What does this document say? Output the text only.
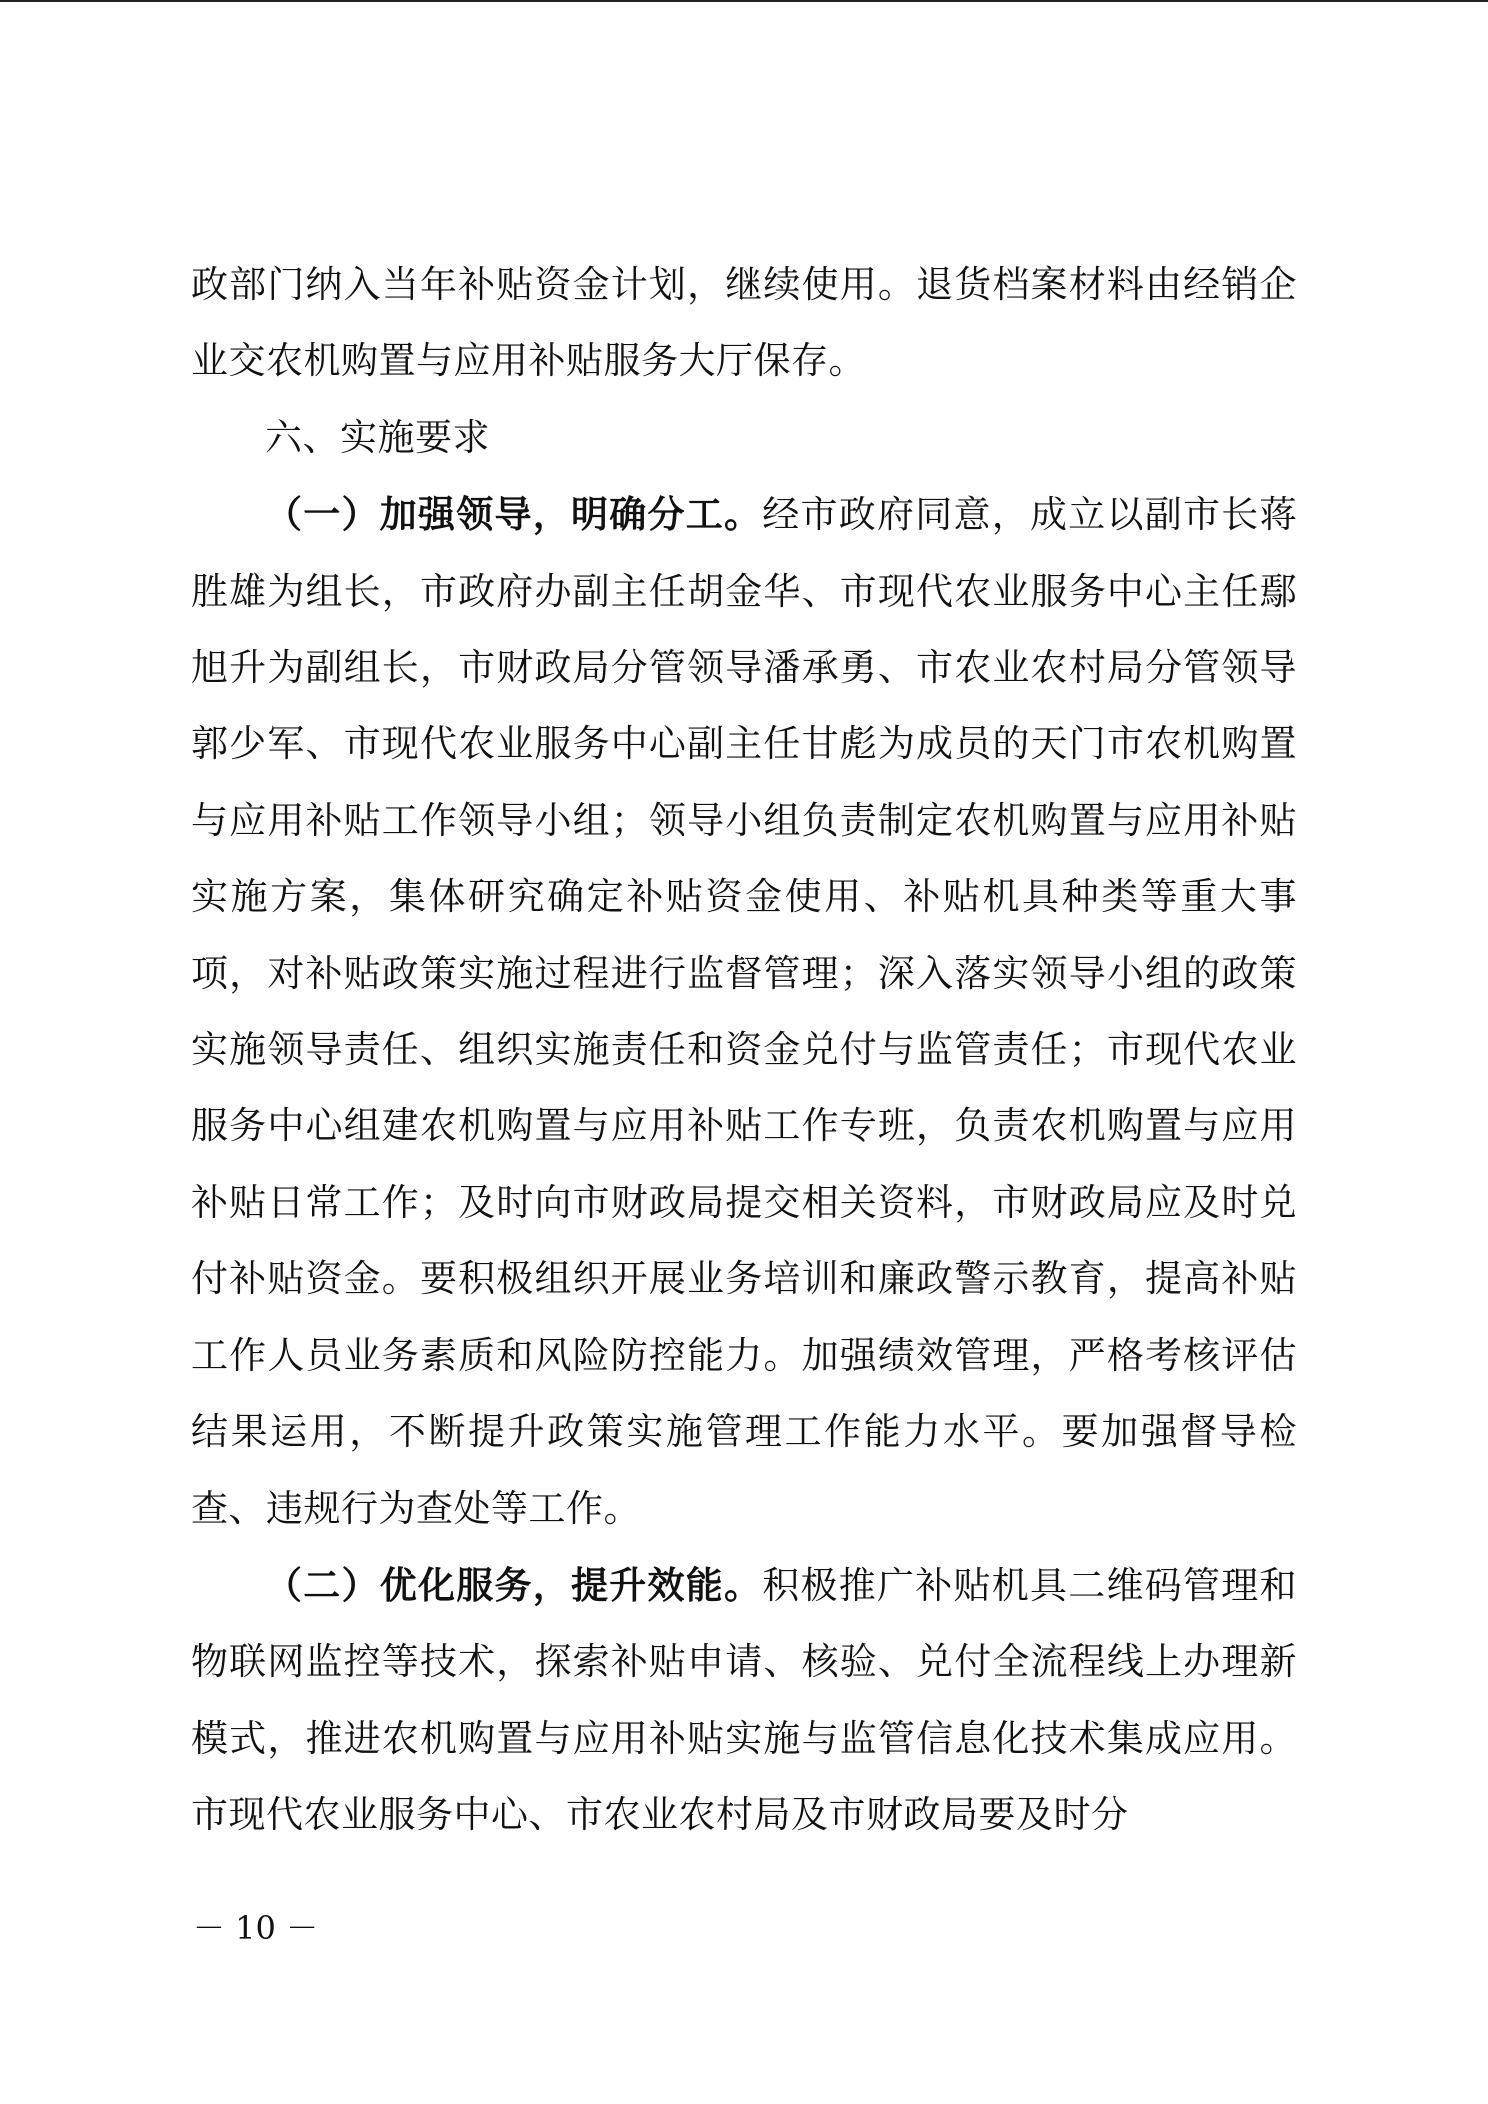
政部门纳入当年补贴资金计划，继续使用。退货档案材料由经销企业交农机购置与应用补贴服务大厅保存。

六、实施要求

（一）加强领导，明确分工。经市政府同意，成立以副市长蒋胜雄为组长，市政府办副主任胡金华、市现代农业服务中心主任鄢旭升为副组长，市财政局分管领导潘承勇、市农业农村局分管领导郭少军、市现代农业服务中心副主任甘彪为成员的天门市农机购置与应用补贴工作领导小组；领导小组负责制定农机购置与应用补贴实施方案，集体研究确定补贴资金使用、补贴机具种类等重大事项，对补贴政策实施过程进行监督管理；深入落实领导小组的政策实施领导责任、组织实施责任和资金兑付与监管责任；市现代农业服务中心组建农机购置与应用补贴工作专班，负责农机购置与应用补贴日常工作；及时向市财政局提交相关资料，市财政局应及时兑付补贴资金。要积极组织开展业务培训和廉政警示教育，提高补贴工作人员业务素质和风险防控能力。加强绩效管理，严格考核评估结果运用，不断提升政策实施管理工作能力水平。要加强督导检查、违规行为查处等工作。

（二）优化服务，提升效能。积极推广补贴机具二维码管理和物联网监控等技术，探索补贴申请、核验、兑付全流程线上办理新模式，推进农机购置与应用补贴实施与监管信息化技术集成应用。市现代农业服务中心、市农业农村局及市财政局要及时分

－ 10 －
